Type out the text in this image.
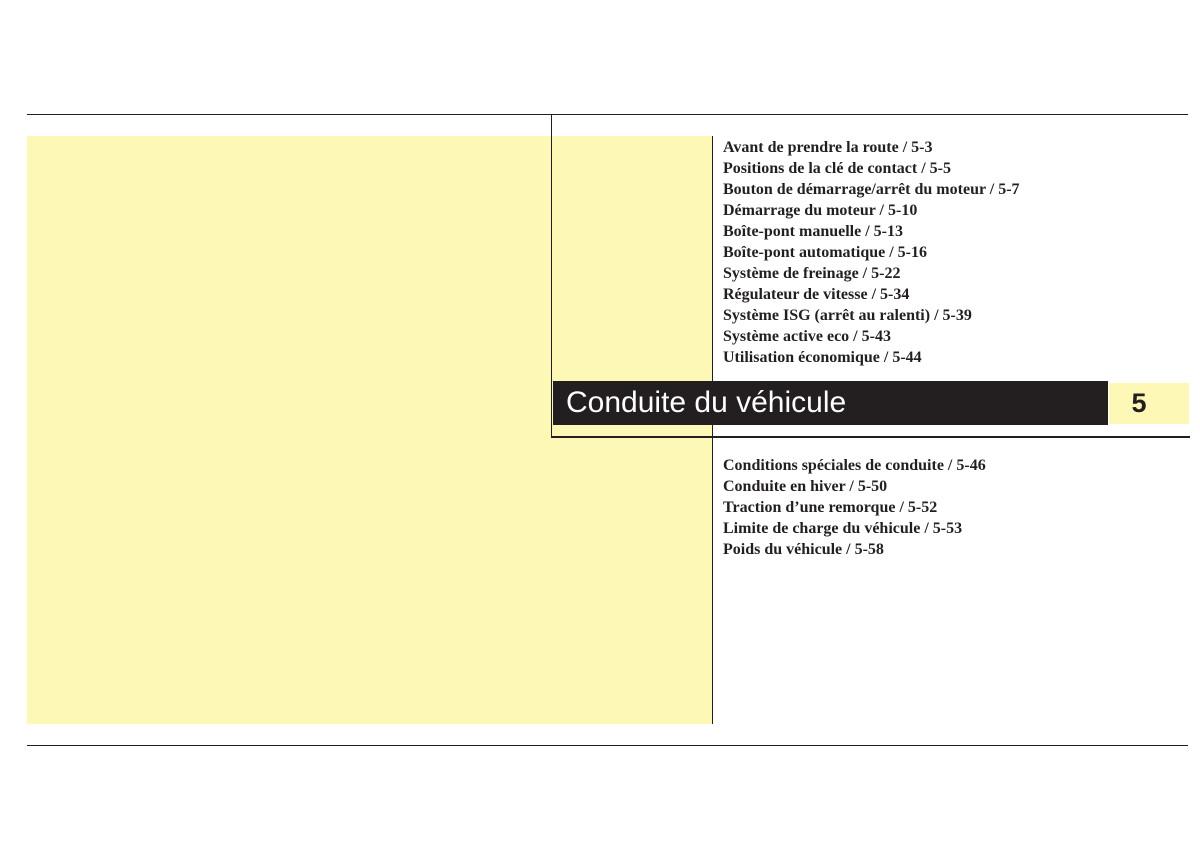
Avant de prendre la route / 5-3
Positions de la clé de contact / 5-5
Bouton de démarrage/arrêt du moteur / 5-7
Démarrage du moteur / 5-10
Boîte-pont manuelle / 5-13
Boîte-pont automatique / 5-16
Système de freinage / 5-22
Régulateur de vitesse / 5-34
Système ISG (arrêt au ralenti) / 5-39
Système active eco / 5-43
Utilisation économique / 5-44
Conduite du véhicule	5
Conditions spéciales de conduite / 5-46
Conduite en hiver / 5-50
Traction d’une remorque / 5-52
Limite de charge du véhicule / 5-53
Poids du véhicule / 5-58
